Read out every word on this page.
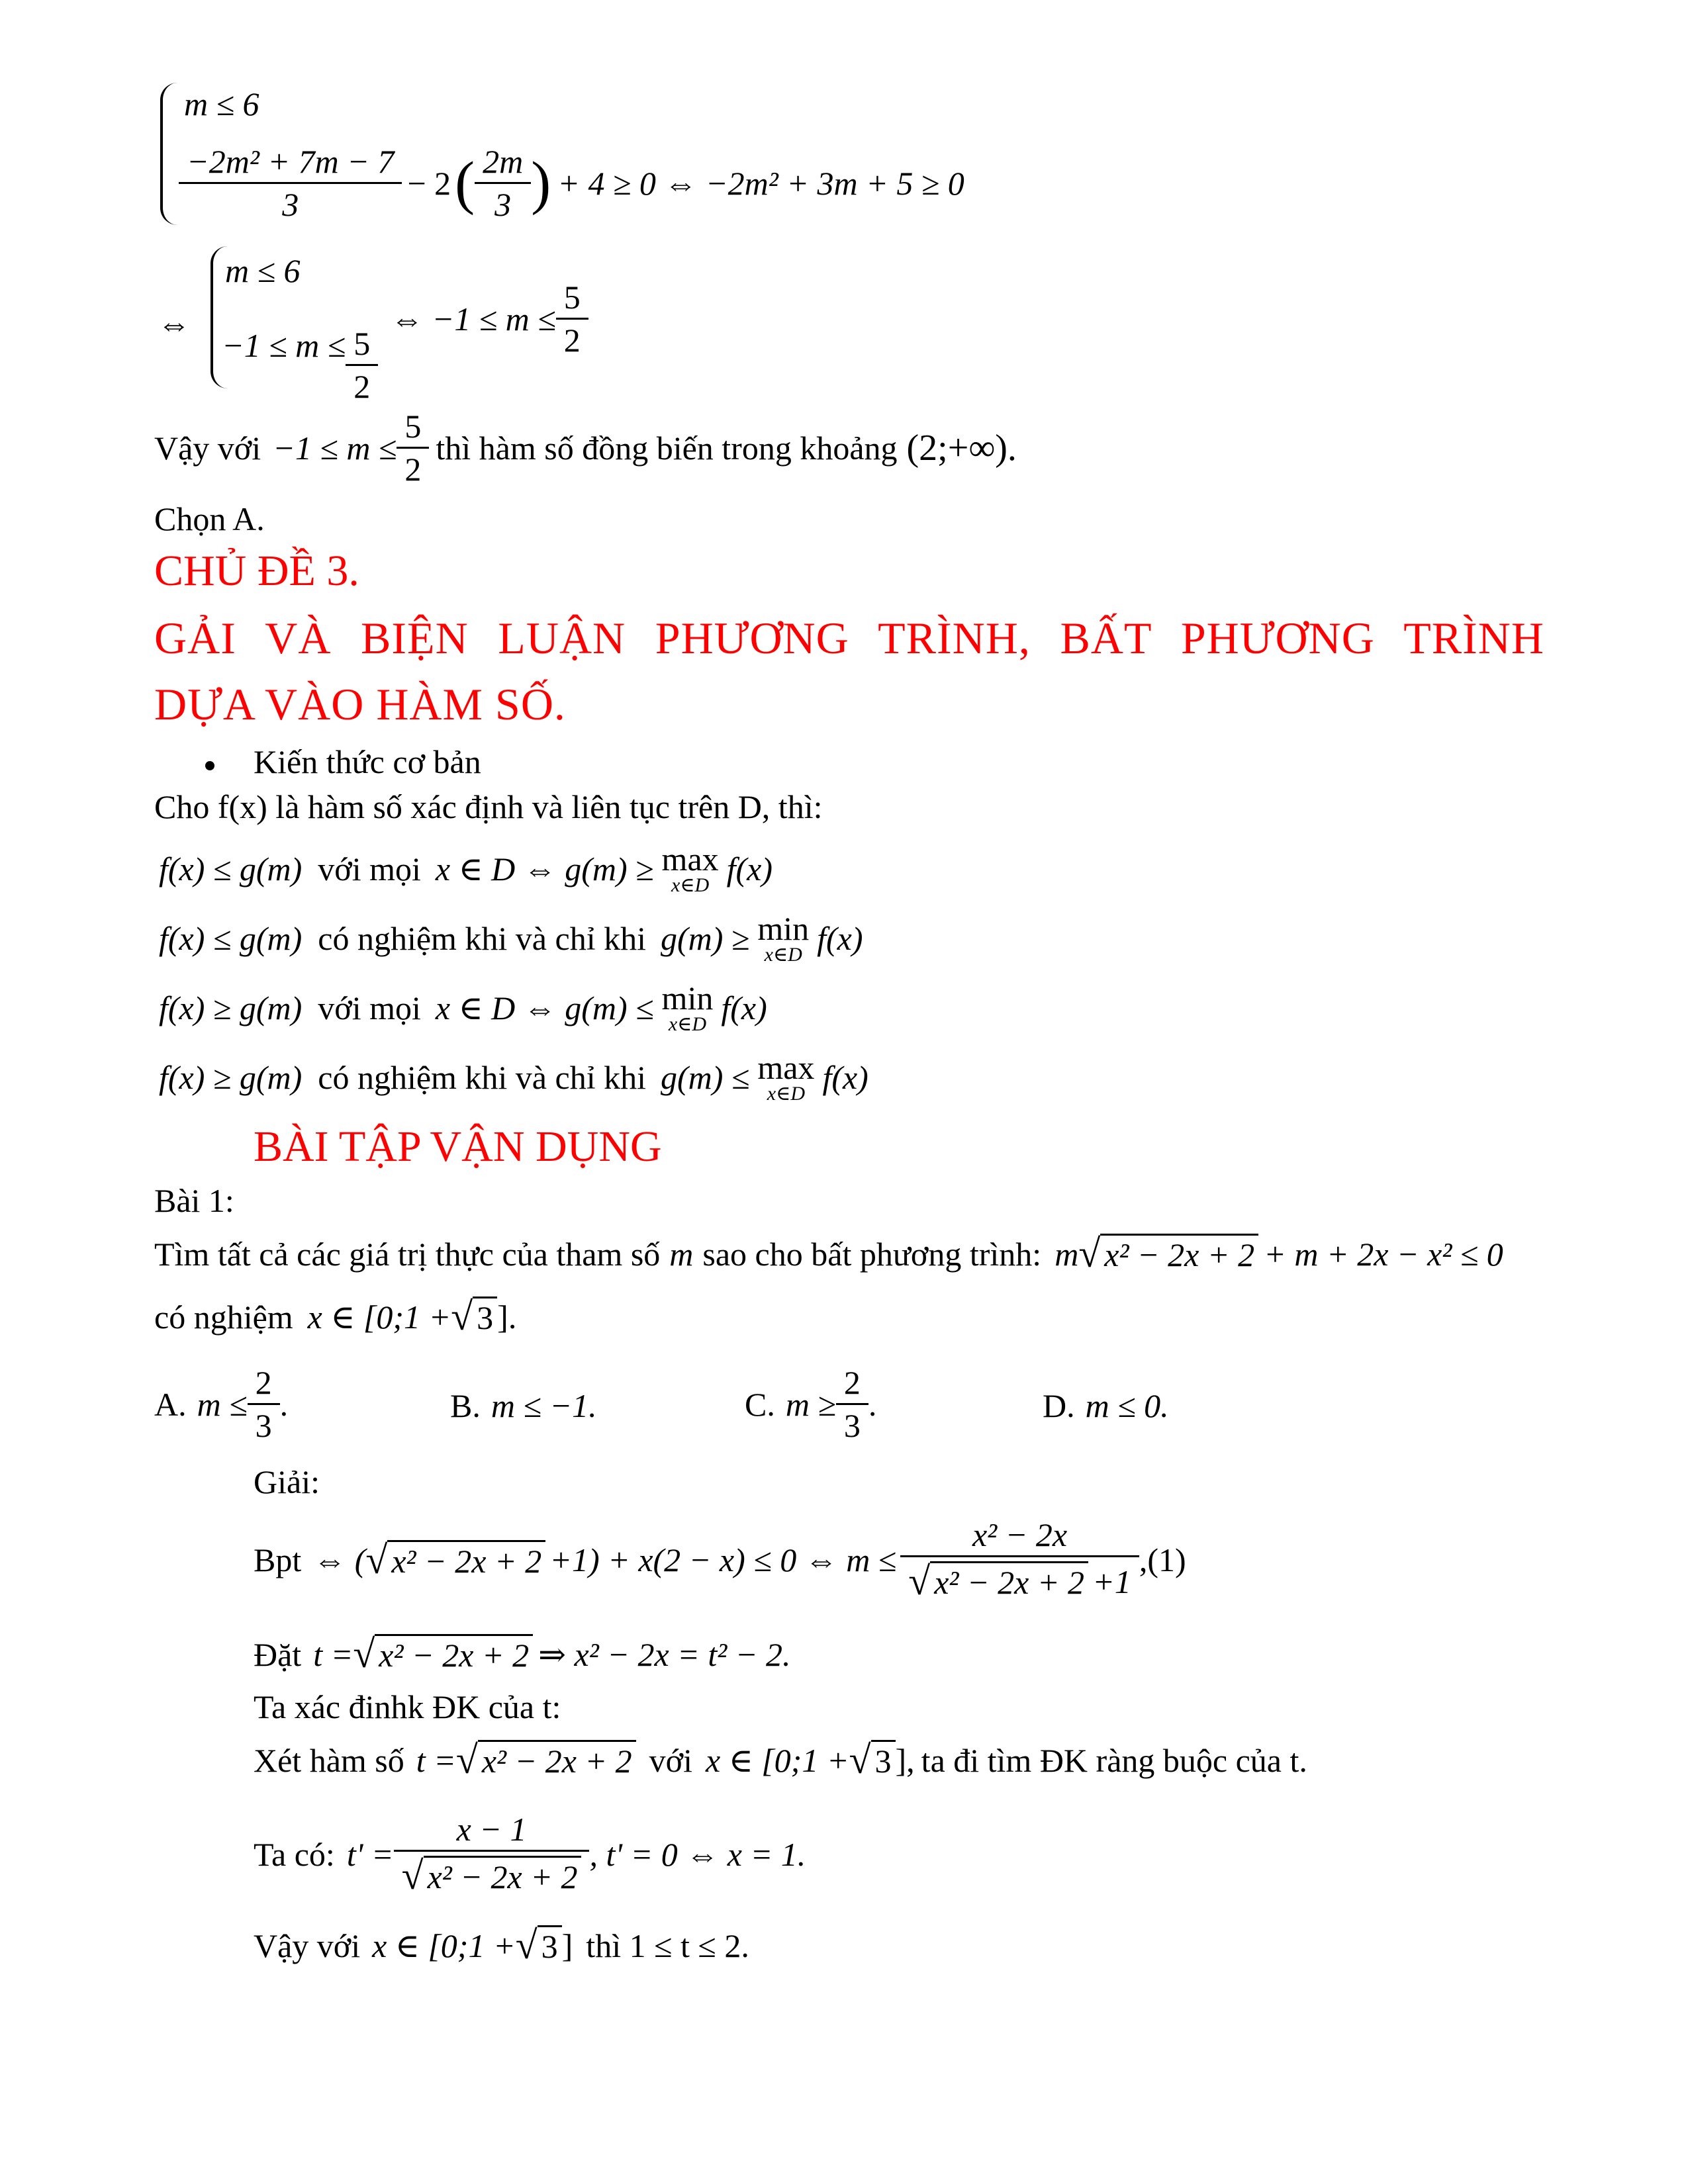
m ≤ 6
$\frac{\text{−2m² + 7m − 7}}{3} - 2$ ( $\frac{2m}{3}$ ) + 4 ≥ 0 ⇔ −2m² + 3m + 5 ≥ 0
⇔
m ≤ 6
$-1 \le m \le \frac{5}{2}$
⇔ $-1 \le m \le \frac{5}{2}$
Vậy với $-1 \le m \le \frac{5}{2}$ thì hàm số đồng biến trong khoảng (2;+∞).
Chọn A.
CHỦ ĐỀ 3.
GẢI VÀ BIỆN LUẬN PHƯƠNG TRÌNH, BẤT PHƯƠNG TRÌNH
DỰA VÀO HÀM SỐ.
Kiến thức cơ bản
Cho f(x) là hàm số xác định và liên tục trên D, thì:
f(x) ≤ g(m) với mọi x ∈ D ⇔ g(m) ≥ max
x∈D f(x)
f(x) ≤ g(m) có nghiệm khi và chỉ khi g(m) ≥ min
x∈D f(x)
f(x) ≥ g(m) với mọi x ∈ D ⇔ g(m) ≤ min
x∈D f(x)
f(x) ≥ g(m) có nghiệm khi và chỉ khi g(m) ≤ max
x∈D f(x)
BÀI TẬP VẬN DỤNG
Bài 1:
Tìm tất cả các giá trị thực của tham số m sao cho bất phương trình: m √ x² − 2x + 2 + m + 2x − x² ≤ 0
có nghiệm x ∈ [0;1 + √ 3 ].
A. $m \le \frac{2}{3}$ .	B. m ≤ −1.	C. $m \ge \frac{2}{3}$ .	D. m ≤ 0.
Giải:
Bpt ⇔ ( √ x² − 2x + 2 +1) + x(2 − x) ≤ 0 ⇔ $m \le \frac{\text{x² − 2x}}{\text{√ x² − 2x + 2 +1}} ,(1)$
Đặt t = √ x² − 2x + 2 ⇒ x² − 2x = t² − 2.
Ta xác đinhk ĐK của t:
Xét hàm số t = √ x² − 2x + 2 với x ∈ [0;1 + √ 3 ], ta đi tìm ĐK ràng buộc của t.
Ta có: $t' = \frac{x - 1}{\text{√ x² − 2x + 2}}$ , t' = 0 ⇔ x = 1.
Vậy với x ∈ [0;1 + √ 3 ] thì 1 ≤ t ≤ 2.
